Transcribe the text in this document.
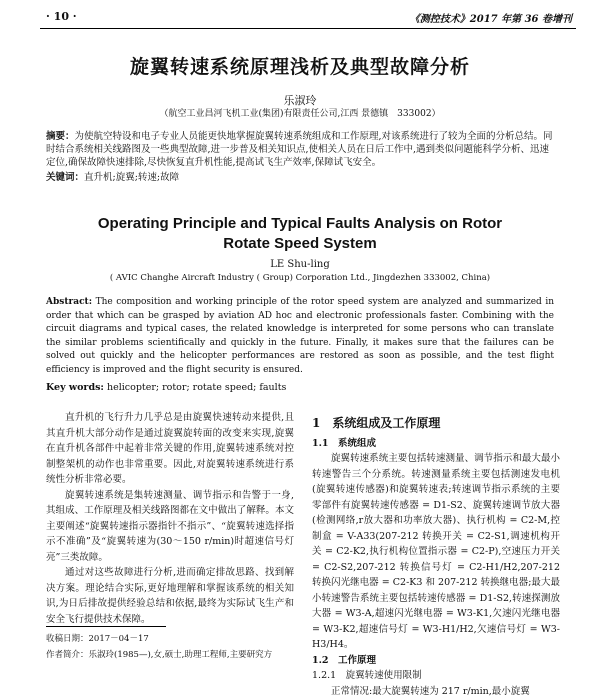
· 10 ·	《测控技术》2017 年第 36 卷增刊
旋翼转速系统原理浅析及典型故障分析
乐淑玲
（航空工业昌河飞机工业(集团)有限责任公司,江西 景德镇　333002）
摘要：为使航空特设和电子专业人员能更快地掌握旋翼转速系统组成和工作原理,对该系统进行了较为全面的分析总结。同时结合系统相关线路图及一些典型故障,进一步普及相关知识点,使相关人员在日后工作中,遇到类似问题能科学分析、迅速定位,确保故障快速排除,尽快恢复直升机性能,提高试飞生产效率,保障试飞安全。
关键词：直升机;旋翼;转速;故障
Operating Principle and Typical Faults Analysis on Rotor
Rotate Speed System
LE Shu-ling
( AVIC Changhe Aircraft Industry ( Group) Corporation Ltd., Jingdezhen 333002, China)
Abstract: The composition and working principle of the rotor speed system are analyzed and summarized in order that which can be grasped by aviation AD hoc and electronic professionals faster. Combining with the circuit diagrams and typical cases, the related knowledge is interpreted for some persons who can translate the similar problems scientifically and quickly in the future. Finally, it makes sure that the failures can be solved out quickly and the helicopter performances are restored as soon as possible, and the test flight efficiency is improved and the flight security is ensured.
Key words: helicopter; rotor; rotate speed; faults

直升机的飞行升力几乎总是由旋翼快速转动来提供,且其直升机大部分动作是通过旋翼旋转面的改变来实现,旋翼在直升机各部件中起着非常关键的作用,旋翼转速系统对控制整架机的动作也非常重要。因此,对旋翼转速系统进行系统性分析非常必要。

旋翼转速系统是集转速测量、调节指示和告警于一身,其组成、工作原理及相关线路图都在文中做出了解释。本文主要阐述“旋翼转速指示器指针不指示”、“旋翼转速选择指示不准确”及“旋翼转速为(30～150 r/min)时超速信号灯亮”三类故障。

通过对这些故障进行分析,进而确定排故思路、找到解决方案。理论结合实际,更好地理解和掌握该系统的相关知识,为日后排故提供经验总结和依据,最终为实际试飞生产和安全飞行提供技术保障。

1　系统组成及工作原理
1.1　系统组成

旋翼转速系统主要包括转速测量、调节指示和最大最小转速警告三个分系统。转速测量系统主要包括测速发电机(旋翼转速传感器)和旋翼转速表;转速调节指示系统的主要零部件有旋翼转速传感器 = D1-S2、旋翼转速调节放大器(检测网络,r放大器和功率放大器)、执行机构 = C2-M,控制盒 = V-A33(207-212 转换开关 = C2-S1,调速机构开关 = C2-K2,执行机构位置指示器 = C2-P),空速压力开关 = C2-S2,207-212 转换信号灯 = C2-H1/H2,207-212 转换闪光继电器 = C2-K3 和 207-212 转换继电器;最大最小转速警告系统主要包括转速传感器 = D1-S2,转速探测放大器 = W3-A,超速闪光继电器 = W3-K1,欠速闪光继电器 = W3-K2,超速信号灯 = W3-H1/H2,欠速信号灯 = W3-H3/H4。

1.2　工作原理
1.2.1　旋翼转速使用限制

正常情况:最大旋翼转速为 217 r/min,最小旋翼

收稿日期：2017－04－17
作者简介：乐淑玲(1985—),女,硕士,助理工程师,主要研究方
